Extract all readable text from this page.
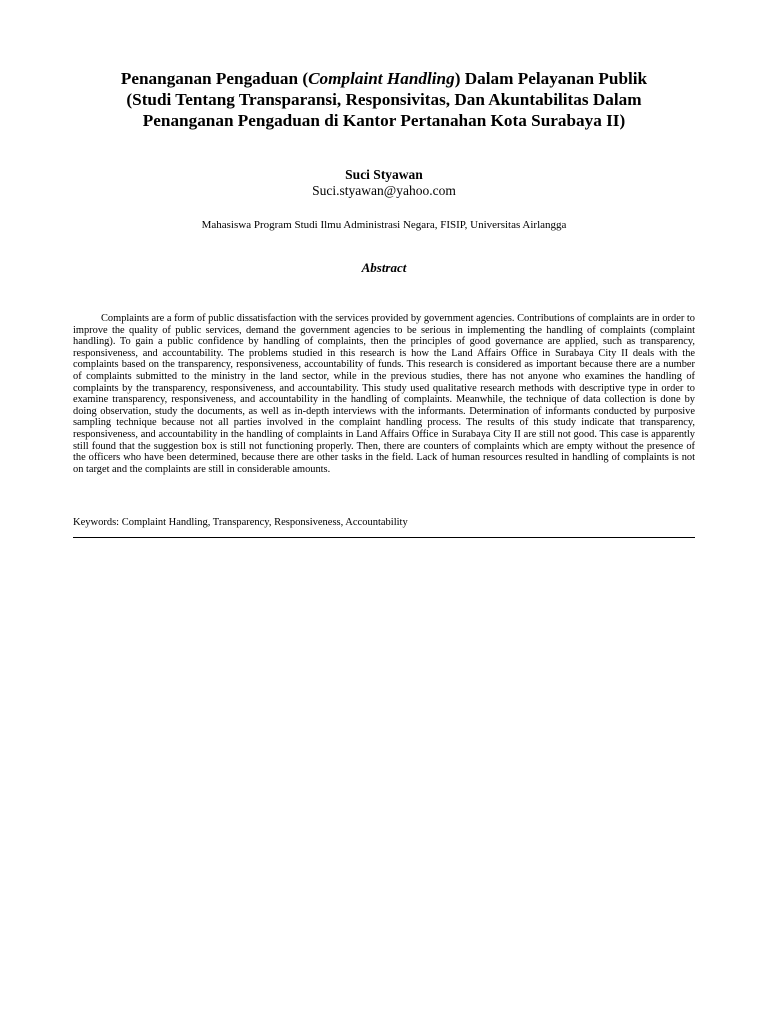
Penanganan Pengaduan (Complaint Handling) Dalam Pelayanan Publik
(Studi Tentang Transparansi, Responsivitas, Dan Akuntabilitas Dalam
Penanganan Pengaduan di Kantor Pertanahan Kota Surabaya II)
Suci Styawan
Suci.styawan@yahoo.com
Mahasiswa Program Studi Ilmu Administrasi Negara, FISIP, Universitas Airlangga
Abstract

Complaints are a form of public dissatisfaction with the services provided by government agencies. Contributions of complaints are in order to improve the quality of public services, demand the government agencies to be serious in implementing the handling of complaints (complaint handling). To gain a public confidence by handling of complaints, then the principles of good governance are applied, such as transparency, responsiveness, and accountability. The problems studied in this research is how the Land Affairs Office in Surabaya City II deals with the complaints based on the transparency, responsiveness, accountability of funds. This research is considered as important because there are a number of complaints submitted to the ministry in the land sector, while in the previous studies, there has not anyone who examines the handling of complaints by the transparency, responsiveness, and accountability. This study used qualitative research methods with descriptive type in order to examine transparency, responsiveness, and accountability in the handling of complaints. Meanwhile, the technique of data collection is done by doing observation, study the documents, as well as in-depth interviews with the informants. Determination of informants conducted by purposive sampling technique because not all parties involved in the complaint handling process. The results of this study indicate that transparency, responsiveness, and accountability in the handling of complaints in Land Affairs Office in Surabaya City II are still not good. This case is apparently still found that the suggestion box is still not functioning properly. Then, there are counters of complaints which are empty without the presence of the officers who have been determined, because there are other tasks in the field. Lack of human resources resulted in handling of complaints is not on target and the complaints are still in considerable amounts.

Keywords: Complaint Handling, Transparency, Responsiveness, Accountability
